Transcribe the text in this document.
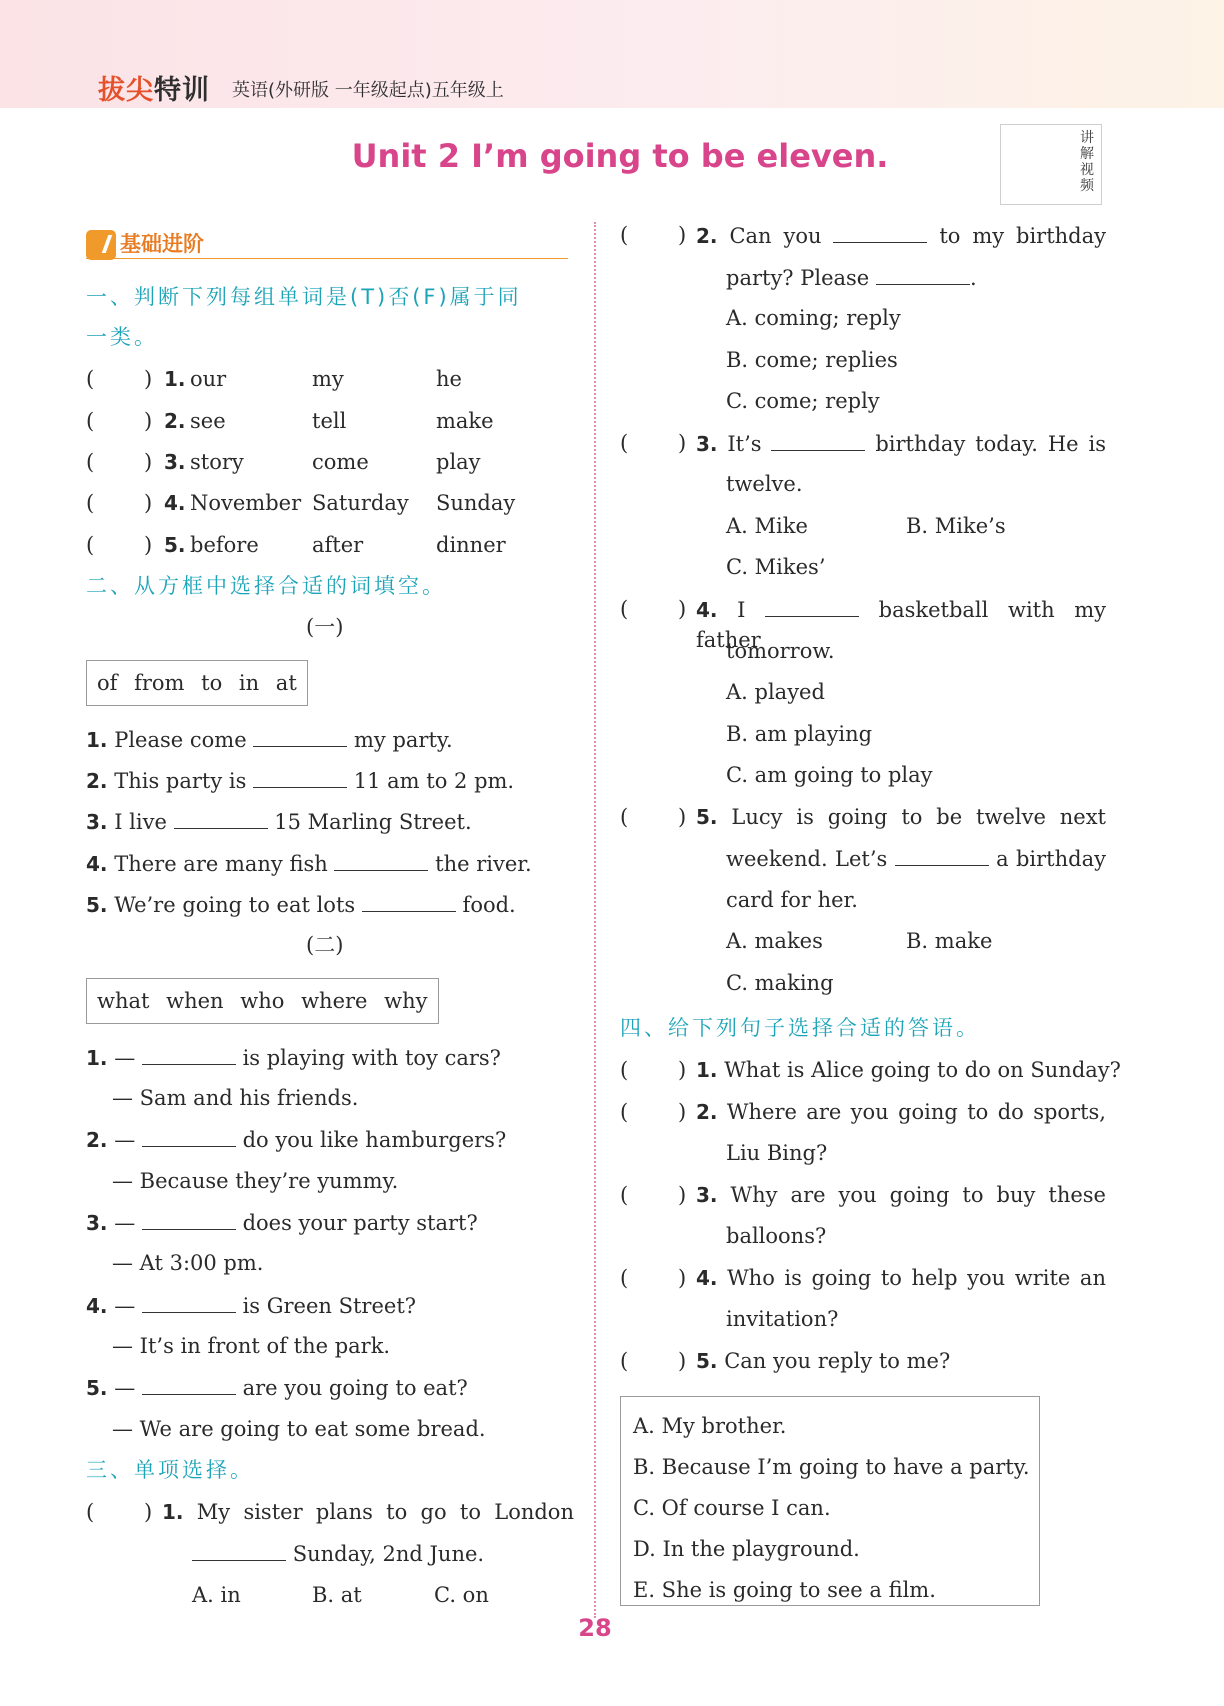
拔尖特训 英语(外研版 一年级起点)五年级上
Unit 2 I’m going to be eleven.	讲解视频
基础进阶
一、判断下列每组单词是(T)否(F)属于同
一类。
( ) 1. our	my	he
( ) 2. see	tell	make
( ) 3. story	come	play
( ) 4. November Saturday Sunday
( ) 5. before	after	dinner
二、从方框中选择合适的词填空。
(一)
of from to in at
1. Please come	my party.
2. This party is	11 am to 2 pm.
3. I live	15 Marling Street.
4. There are many fish	the river.
5. We’re going to eat lots	food.
(二)
what when who where why
1. —	is playing with toy cars?
— Sam and his friends.
2. —	do you like hamburgers?
— Because they’re yummy.
3. —	does your party start?
— At 3:00 pm.
4. —	is Green Street?
— It’s in front of the park.
5. —	are you going to eat?
— We are going to eat some bread.
三、单项选择。
( ) 1. My sister plans to go to London
Sunday, 2nd June.
A. in	B. at	C. on
( ) 2. Can you	to my birthday
party? Please	.
A. coming; reply
B. come; replies
C. come; reply
( ) 3. It’s	birthday today. He is
twelve.
A. Mike	B. Mike’s
C. Mikes’
( ) 4. I	basketball with my father
tomorrow.
A. played
B. am playing
C. am going to play
( ) 5. Lucy is going to be twelve next
weekend. Let’s	a birthday
card for her.
A. makes	B. make
C. making
四、给下列句子选择合适的答语。
( ) 1. What is Alice going to do on Sunday?
( ) 2. Where are you going to do sports,
Liu Bing?
( ) 3. Why are you going to buy these
balloons?
( ) 4. Who is going to help you write an
invitation?
( ) 5. Can you reply to me?
A. My brother.
B. Because I’m going to have a party.
C. Of course I can.
D. In the playground.
E. She is going to see a film.
28
